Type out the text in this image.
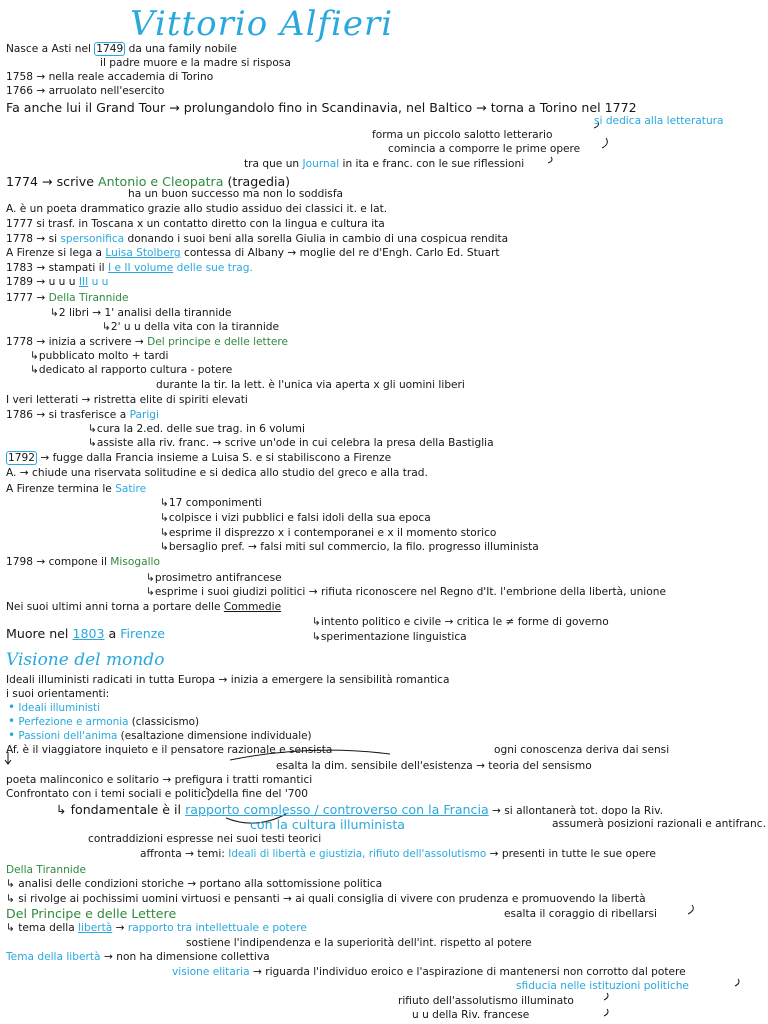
Vittorio Alfieri
Nasce a Asti nel 1749 da una family nobile
il padre muore e la madre si risposa
1758 → nella reale accademia di Torino
1766 → arruolato nell'esercito
Fa anche lui il Grand Tour → prolungandolo fino in Scandinavia, nel Baltico → torna a Torino nel 1772
si dedica alla letteratura
forma un piccolo salotto letterario
comincia a comporre le prime opere
tra que un Journal in ita e franc. con le sue riflessioni
1774 → scrive Antonio e Cleopatra (tragedia)
ha un buon successo ma non lo soddisfa
A. è un poeta drammatico grazie allo studio assiduo dei classici it. e lat.
1777 si trasf. in Toscana x un contatto diretto con la lingua e cultura ita
1778 → si spersonifica donando i suoi beni alla sorella Giulia in cambio di una cospicua rendita
A Firenze si lega a Luisa Stolberg contessa di Albany → moglie del re d'Engh. Carlo Ed. Stuart
1783 → stampati il I e II volume delle sue trag.
1789 → u u u III u u
1777 → Della Tirannide
↳2 libri → 1' analisi della tirannide
↳2' u u della vita con la tirannide
1778 → inizia a scrivere → Del principe e delle lettere
↳pubblicato molto + tardi
↳dedicato al rapporto cultura - potere
durante la tir. la lett. è l'unica via aperta x gli uomini liberi
I veri letterati → ristretta elite di spiriti elevati
1786 → si trasferisce a Parigi
↳cura la 2.ed. delle sue trag. in 6 volumi
↳assiste alla riv. franc. → scrive un'ode in cui celebra la presa della Bastiglia
1792 → fugge dalla Francia insieme a Luisa S. e si stabiliscono a Firenze
A. → chiude una riservata solitudine e si dedica allo studio del greco e alla trad.
A Firenze termina le Satire
↳17 componimenti
↳colpisce i vizi pubblici e falsi idoli della sua epoca
↳esprime il disprezzo x i contemporanei e x il momento storico
↳bersaglio pref. → falsi miti sul commercio, la filo. progresso illuminista
1798 → compone il Misogallo
↳prosimetro antifrancese
↳esprime i suoi giudizi politici → rifiuta riconoscere nel Regno d'It. l'embrione della libertà, unione
Nei suoi ultimi anni torna a portare delle Commedie
↳intento politico e civile → critica le ≠ forme di governo
↳sperimentazione linguistica
Muore nel 1803 a Firenze
Visione del mondo
Ideali illuministi radicati in tutta Europa → inizia a emergere la sensibilità romantica
i suoi orientamenti:
• Ideali illuministi
• Perfezione e armonia (classicismo)
• Passioni dell'anima (esaltazione dimensione individuale)
Af. è il viaggiatore inquieto e il pensatore razionale e sensista	ogni conoscenza deriva dai sensi
esalta la dim. sensibile dell'esistenza → teoria del sensismo
poeta malinconico e solitario → prefigura i tratti romantici
Confrontato con i temi sociali e politici della fine del '700
↳ fondamentale è il rapporto complesso / controverso con la Francia → si allontanerà tot. dopo la Riv.
con la cultura illuminista	assumerà posizioni razionali e antifranc.
contraddizioni espresse nei suoi testi teorici
affronta → temi: Ideali di libertà e giustizia, rifiuto dell'assolutismo → presenti in tutte le sue opere
Della Tirannide
↳ analisi delle condizioni storiche → portano alla sottomissione politica
↳ si rivolge ai pochissimi uomini virtuosi e pensanti → ai quali consiglia di vivere con prudenza e promuovendo la libertà
esalta il coraggio di ribellarsi
Del Principe e delle Lettere
↳ tema della libertà → rapporto tra intellettuale e potere
sostiene l'indipendenza e la superiorità dell'int. rispetto al potere
Tema della libertà → non ha dimensione collettiva
visione elitaria → riguarda l'individuo eroico e l'aspirazione di mantenersi non corrotto dal potere
sfiducia nelle istituzioni politiche
rifiuto dell'assolutismo illuminato
u u della Riv. francese
